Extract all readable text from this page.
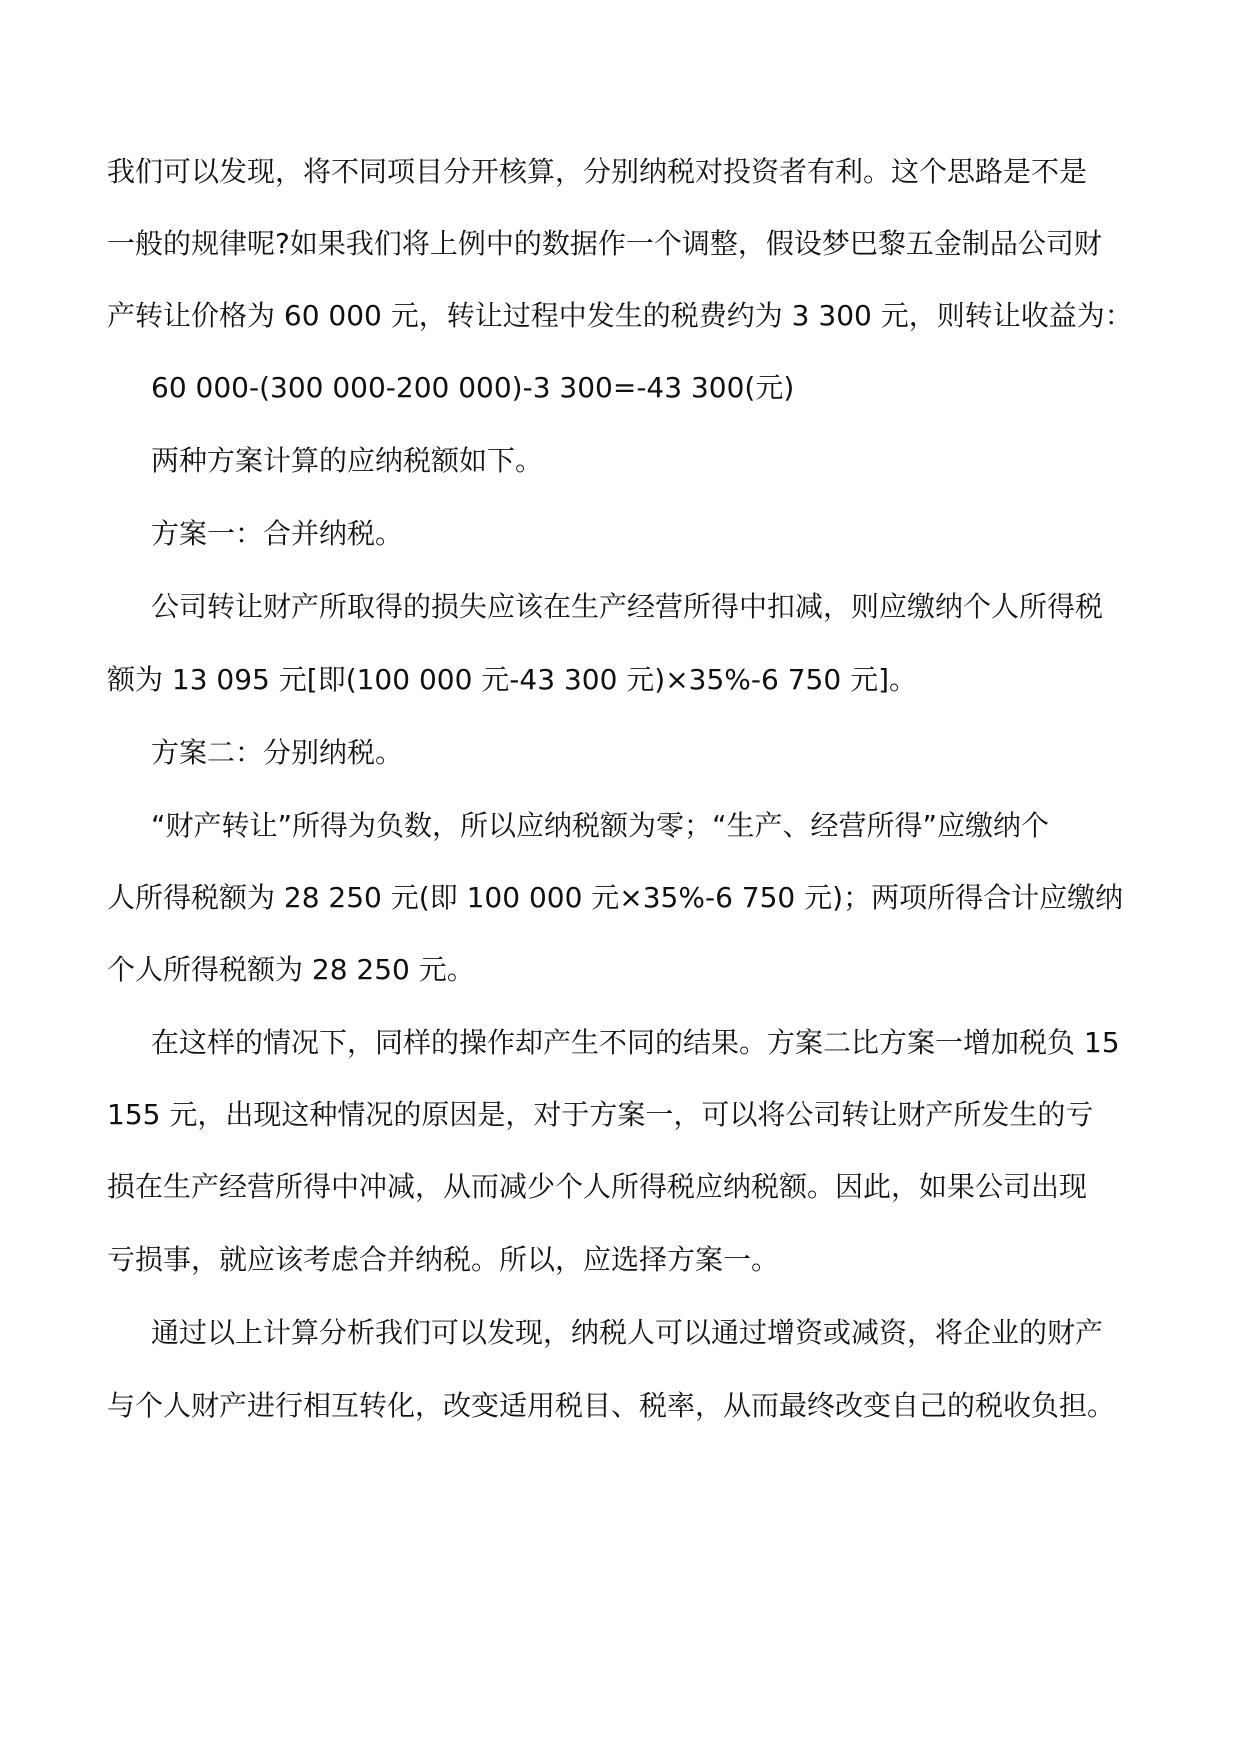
我们可以发现，将不同项目分开核算，分别纳税对投资者有利。这个思路是不是
一般的规律呢?如果我们将上例中的数据作一个调整，假设梦巴黎五金制品公司财
产转让价格为 60 000 元，转让过程中发生的税费约为 3 300 元，则转让收益为：
60 000-(300 000-200 000)-3 300=-43 300(元)
两种方案计算的应纳税额如下。
方案一：合并纳税。
公司转让财产所取得的损失应该在生产经营所得中扣减，则应缴纳个人所得税
额为 13 095 元[即(100 000 元-43 300 元)×35%-6 750 元]。
方案二：分别纳税。
“财产转让”所得为负数，所以应纳税额为零；“生产、经营所得”应缴纳个
人所得税额为 28 250 元(即 100 000 元×35%-6 750 元)；两项所得合计应缴纳
个人所得税额为 28 250 元。
在这样的情况下，同样的操作却产生不同的结果。方案二比方案一增加税负 15
155 元，出现这种情况的原因是，对于方案一，可以将公司转让财产所发生的亏
损在生产经营所得中冲减，从而减少个人所得税应纳税额。因此，如果公司出现
亏损事，就应该考虑合并纳税。所以，应选择方案一。
通过以上计算分析我们可以发现，纳税人可以通过增资或减资，将企业的财产
与个人财产进行相互转化，改变适用税目、税率，从而最终改变自己的税收负担。
